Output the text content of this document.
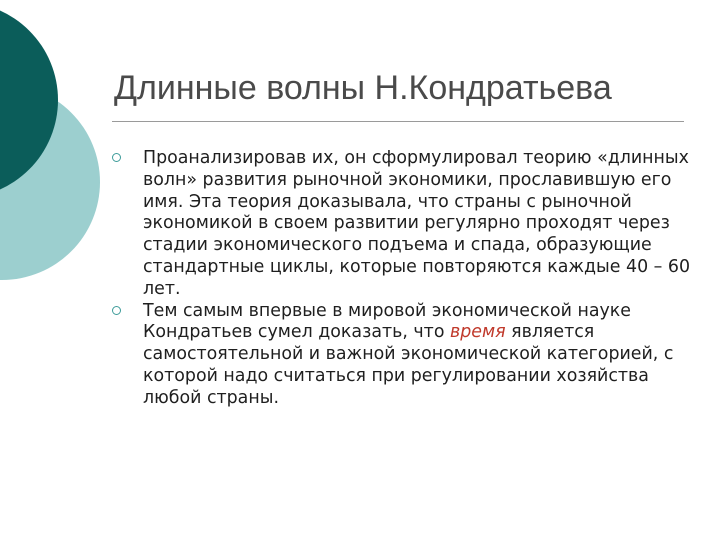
Длинные волны Н.Кондратьева
Проанализировав их, он сформулировал теорию «длинных волн» развития рыночной экономики, прославившую его имя. Эта теория доказывала, что страны с рыночной экономикой в своем развитии регулярно проходят через стадии экономического подъема и спада, образующие стандартные циклы, которые повторяются каждые 40 – 60 лет.
Тем самым впервые в мировой экономической науке Кондратьев сумел доказать, что время является самостоятельной и важной экономической категорией, с которой надо считаться при регулировании хозяйства любой страны.
